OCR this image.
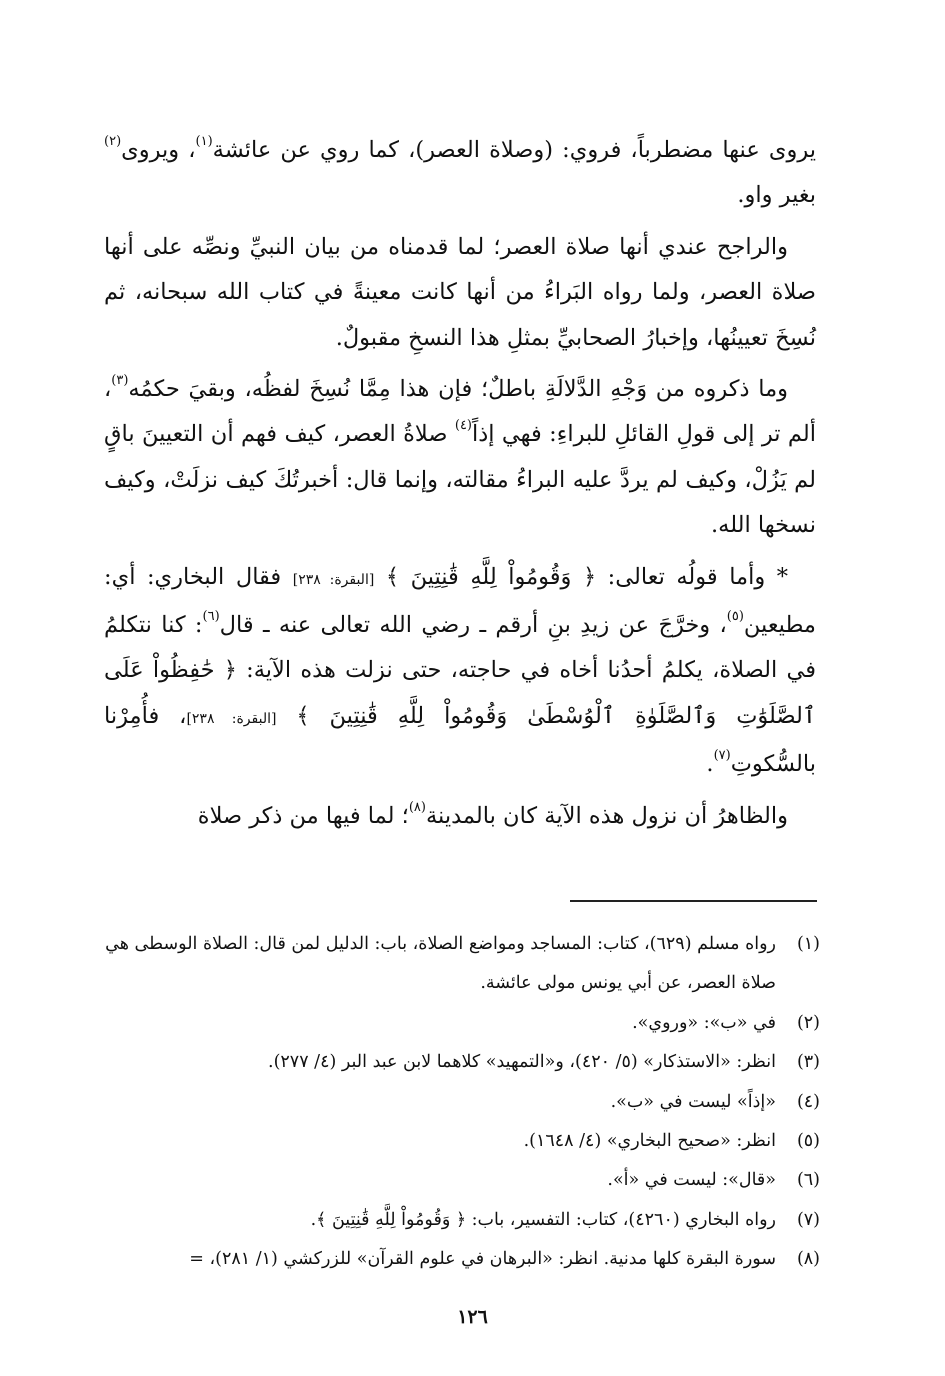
يروى عنها مضطرباً، فروي: (وصلاة العصر)، كما روي عن عائشة$^{(١)}$، ويروى$^{(٢)}$ بغير واو.

والراجح عندي أنها صلاة العصر؛ لما قدمناه من بيان النبيِّ ونصِّه على أنها صلاة العصر، ولما رواه البَراءُ من أنها كانت معينةً في كتاب الله سبحانه، ثم نُسِخَ تعيينُها، وإخبارُ الصحابيِّ بمثلِ هذا النسخِ مقبولٌ.

وما ذكروه من وَجْهِ الدَّلالَةِ باطلٌ؛ فإن هذا مِمَّا نُسِخَ لفظُه، وبقيَ حكمُه$^{(٣)}$، ألم تر إلى قولِ القائلِ للبراءِ: فهي إذاً$^{(٤)}$ صلاةُ العصر، كيف فهم أن التعيينَ باقٍ لم يَزُلْ، وكيف لم يردَّ عليه البراءُ مقالته، وإنما قال: أخبرتُكَ كيف نزلَتْ، وكيف نسخها الله.

* وأما قولُه تعالى: ﴿ وَقُومُواْ لِلَّهِ قَٰنِتِينَ ﴾ [البقرة: ٢٣٨] فقال البخاري: أي: مطيعين$^{(٥)}$، وخرَّجَ عن زيدِ بنِ أرقم ـ رضي الله تعالى عنه ـ قال$^{(٦)}$: كنا نتكلمُ في الصلاة، يكلمُ أحدُنا أخاه في حاجته، حتى نزلت هذه الآية: ﴿ حَٰفِظُواْ عَلَى ٱلصَّلَوَٰتِ وَٱلصَّلَوٰةِ ٱلْوُسْطَىٰ وَقُومُواْ لِلَّهِ قَٰنِتِينَ ﴾ [البقرة: ٢٣٨]، فأُمِرْنا بالسُّكوتِ$^{(٧)}$.

والظاهرُ أن نزول هذه الآية كان بالمدينة$^{(٨)}$؛ لما فيها من ذكر صلاة

(١)
رواه مسلم (٦٢٩)، كتاب: المساجد ومواضع الصلاة، باب: الدليل لمن قال: الصلاة الوسطى هي صلاة العصر، عن أبي يونس مولى عائشة.
(٢)
في «ب»: «وروي».
(٣)
انظر: «الاستذكار» (٥/ ٤٢٠)، و«التمهيد» كلاهما لابن عبد البر (٤/ ٢٧٧).
(٤)
«إذاً» ليست في «ب».
(٥)
انظر: «صحيح البخاري» (٤/ ١٦٤٨).
(٦)
«قال»: ليست في «أ».
(٧)
رواه البخاري (٤٢٦٠)، كتاب: التفسير، باب: ﴿ وَقُومُواْ لِلَّهِ قَٰنِتِينَ ﴾.
(٨)
سورة البقرة كلها مدنية. انظر: «البرهان في علوم القرآن» للزركشي (١/ ٢٨١)، =
١٢٦
